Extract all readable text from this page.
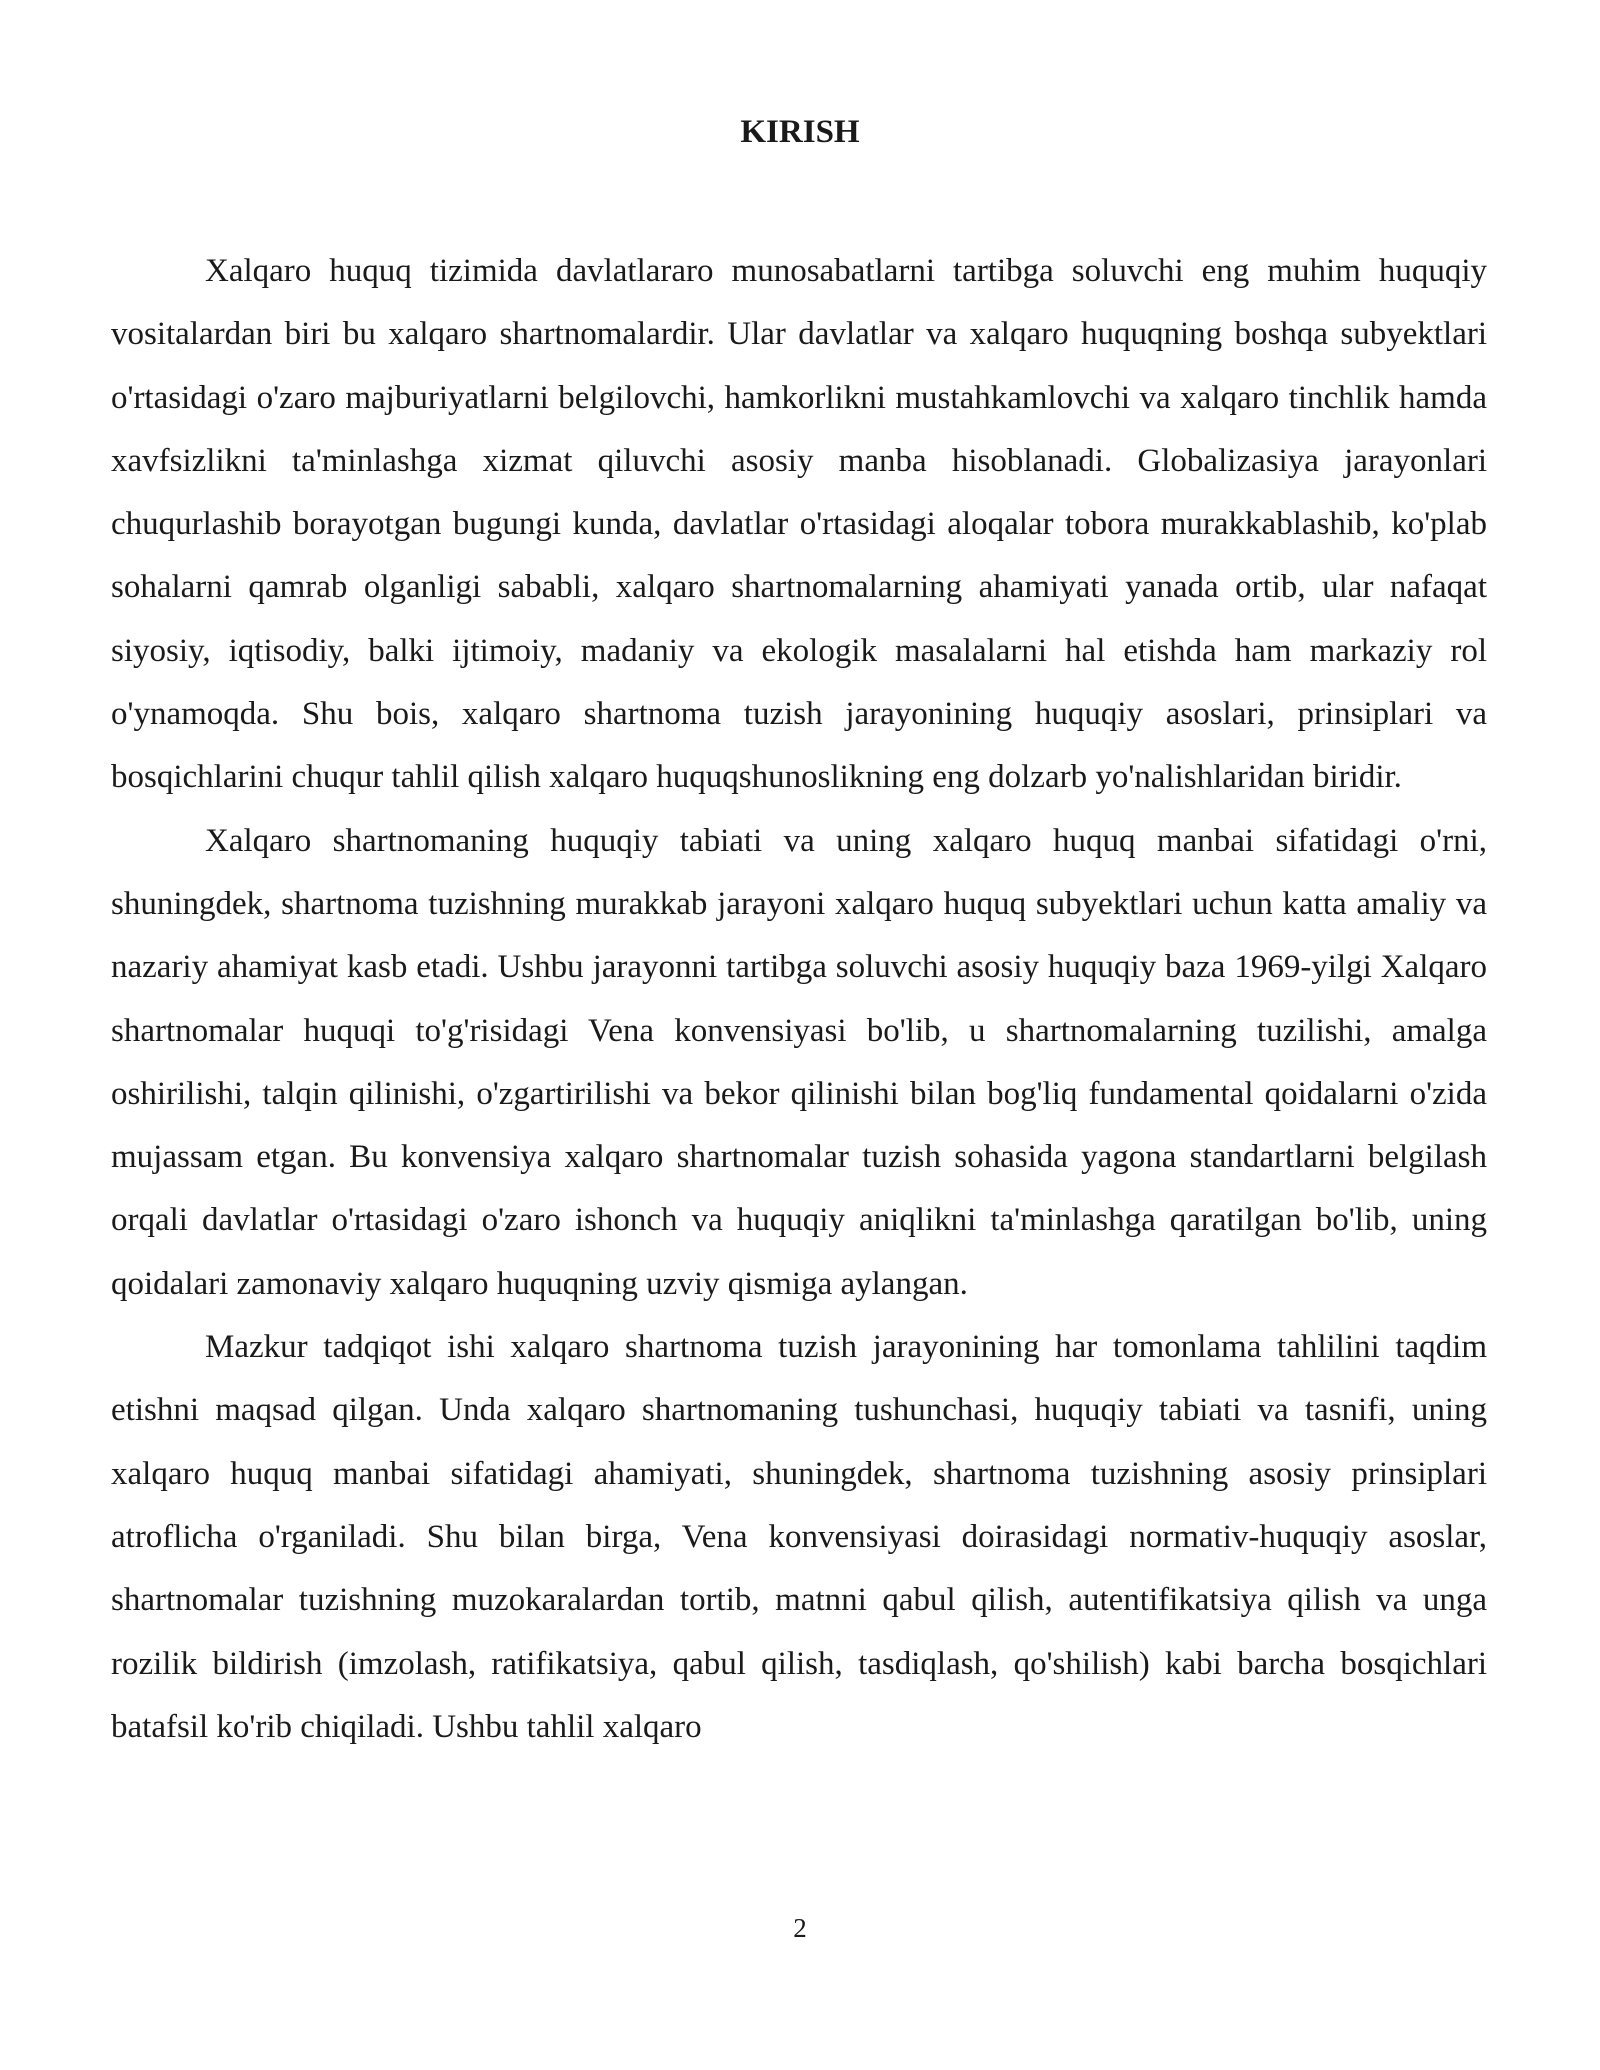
KIRISH

Xalqaro huquq tizimida davlatlararo munosabatlarni tartibga soluvchi eng muhim huquqiy vositalardan biri bu xalqaro shartnomalardir. Ular davlatlar va xalqaro huquqning boshqa subyektlari o'rtasidagi o'zaro majburiyatlarni belgilovchi, hamkorlikni mustahkamlovchi va xalqaro tinchlik hamda xavfsizlikni ta'minlashga xizmat qiluvchi asosiy manba hisoblanadi. Globalizasiya jarayonlari chuqurlashib borayotgan bugungi kunda, davlatlar o'rtasidagi aloqalar tobora murakkablashib, ko'plab sohalarni qamrab olganligi sababli, xalqaro shartnomalarning ahamiyati yanada ortib, ular nafaqat siyosiy, iqtisodiy, balki ijtimoiy, madaniy va ekologik masalalarni hal etishda ham markaziy rol o'ynamoqda. Shu bois, xalqaro shartnoma tuzish jarayonining huquqiy asoslari, prinsiplari va bosqichlarini chuqur tahlil qilish xalqaro huquqshunoslikning eng dolzarb yo'nalishlaridan biridir.

Xalqaro shartnomaning huquqiy tabiati va uning xalqaro huquq manbai sifatidagi o'rni, shuningdek, shartnoma tuzishning murakkab jarayoni xalqaro huquq subyektlari uchun katta amaliy va nazariy ahamiyat kasb etadi. Ushbu jarayonni tartibga soluvchi asosiy huquqiy baza 1969-yilgi Xalqaro shartnomalar huquqi to'g'risidagi Vena konvensiyasi bo'lib, u shartnomalarning tuzilishi, amalga oshirilishi, talqin qilinishi, o'zgartirilishi va bekor qilinishi bilan bog'liq fundamental qoidalarni o'zida mujassam etgan. Bu konvensiya xalqaro shartnomalar tuzish sohasida yagona standartlarni belgilash orqali davlatlar o'rtasidagi o'zaro ishonch va huquqiy aniqlikni ta'minlashga qaratilgan bo'lib, uning qoidalari zamonaviy xalqaro huquqning uzviy qismiga aylangan.

Mazkur tadqiqot ishi xalqaro shartnoma tuzish jarayonining har tomonlama tahlilini taqdim etishni maqsad qilgan. Unda xalqaro shartnomaning tushunchasi, huquqiy tabiati va tasnifi, uning xalqaro huquq manbai sifatidagi ahamiyati, shuningdek, shartnoma tuzishning asosiy prinsiplari atroflicha o'rganiladi. Shu bilan birga, Vena konvensiyasi doirasidagi normativ-huquqiy asoslar, shartnomalar tuzishning muzokaralardan tortib, matnni qabul qilish, autentifikatsiya qilish va unga rozilik bildirish (imzolash, ratifikatsiya, qabul qilish, tasdiqlash, qo'shilish) kabi barcha bosqichlari batafsil ko'rib chiqiladi. Ushbu tahlil xalqaro

2
